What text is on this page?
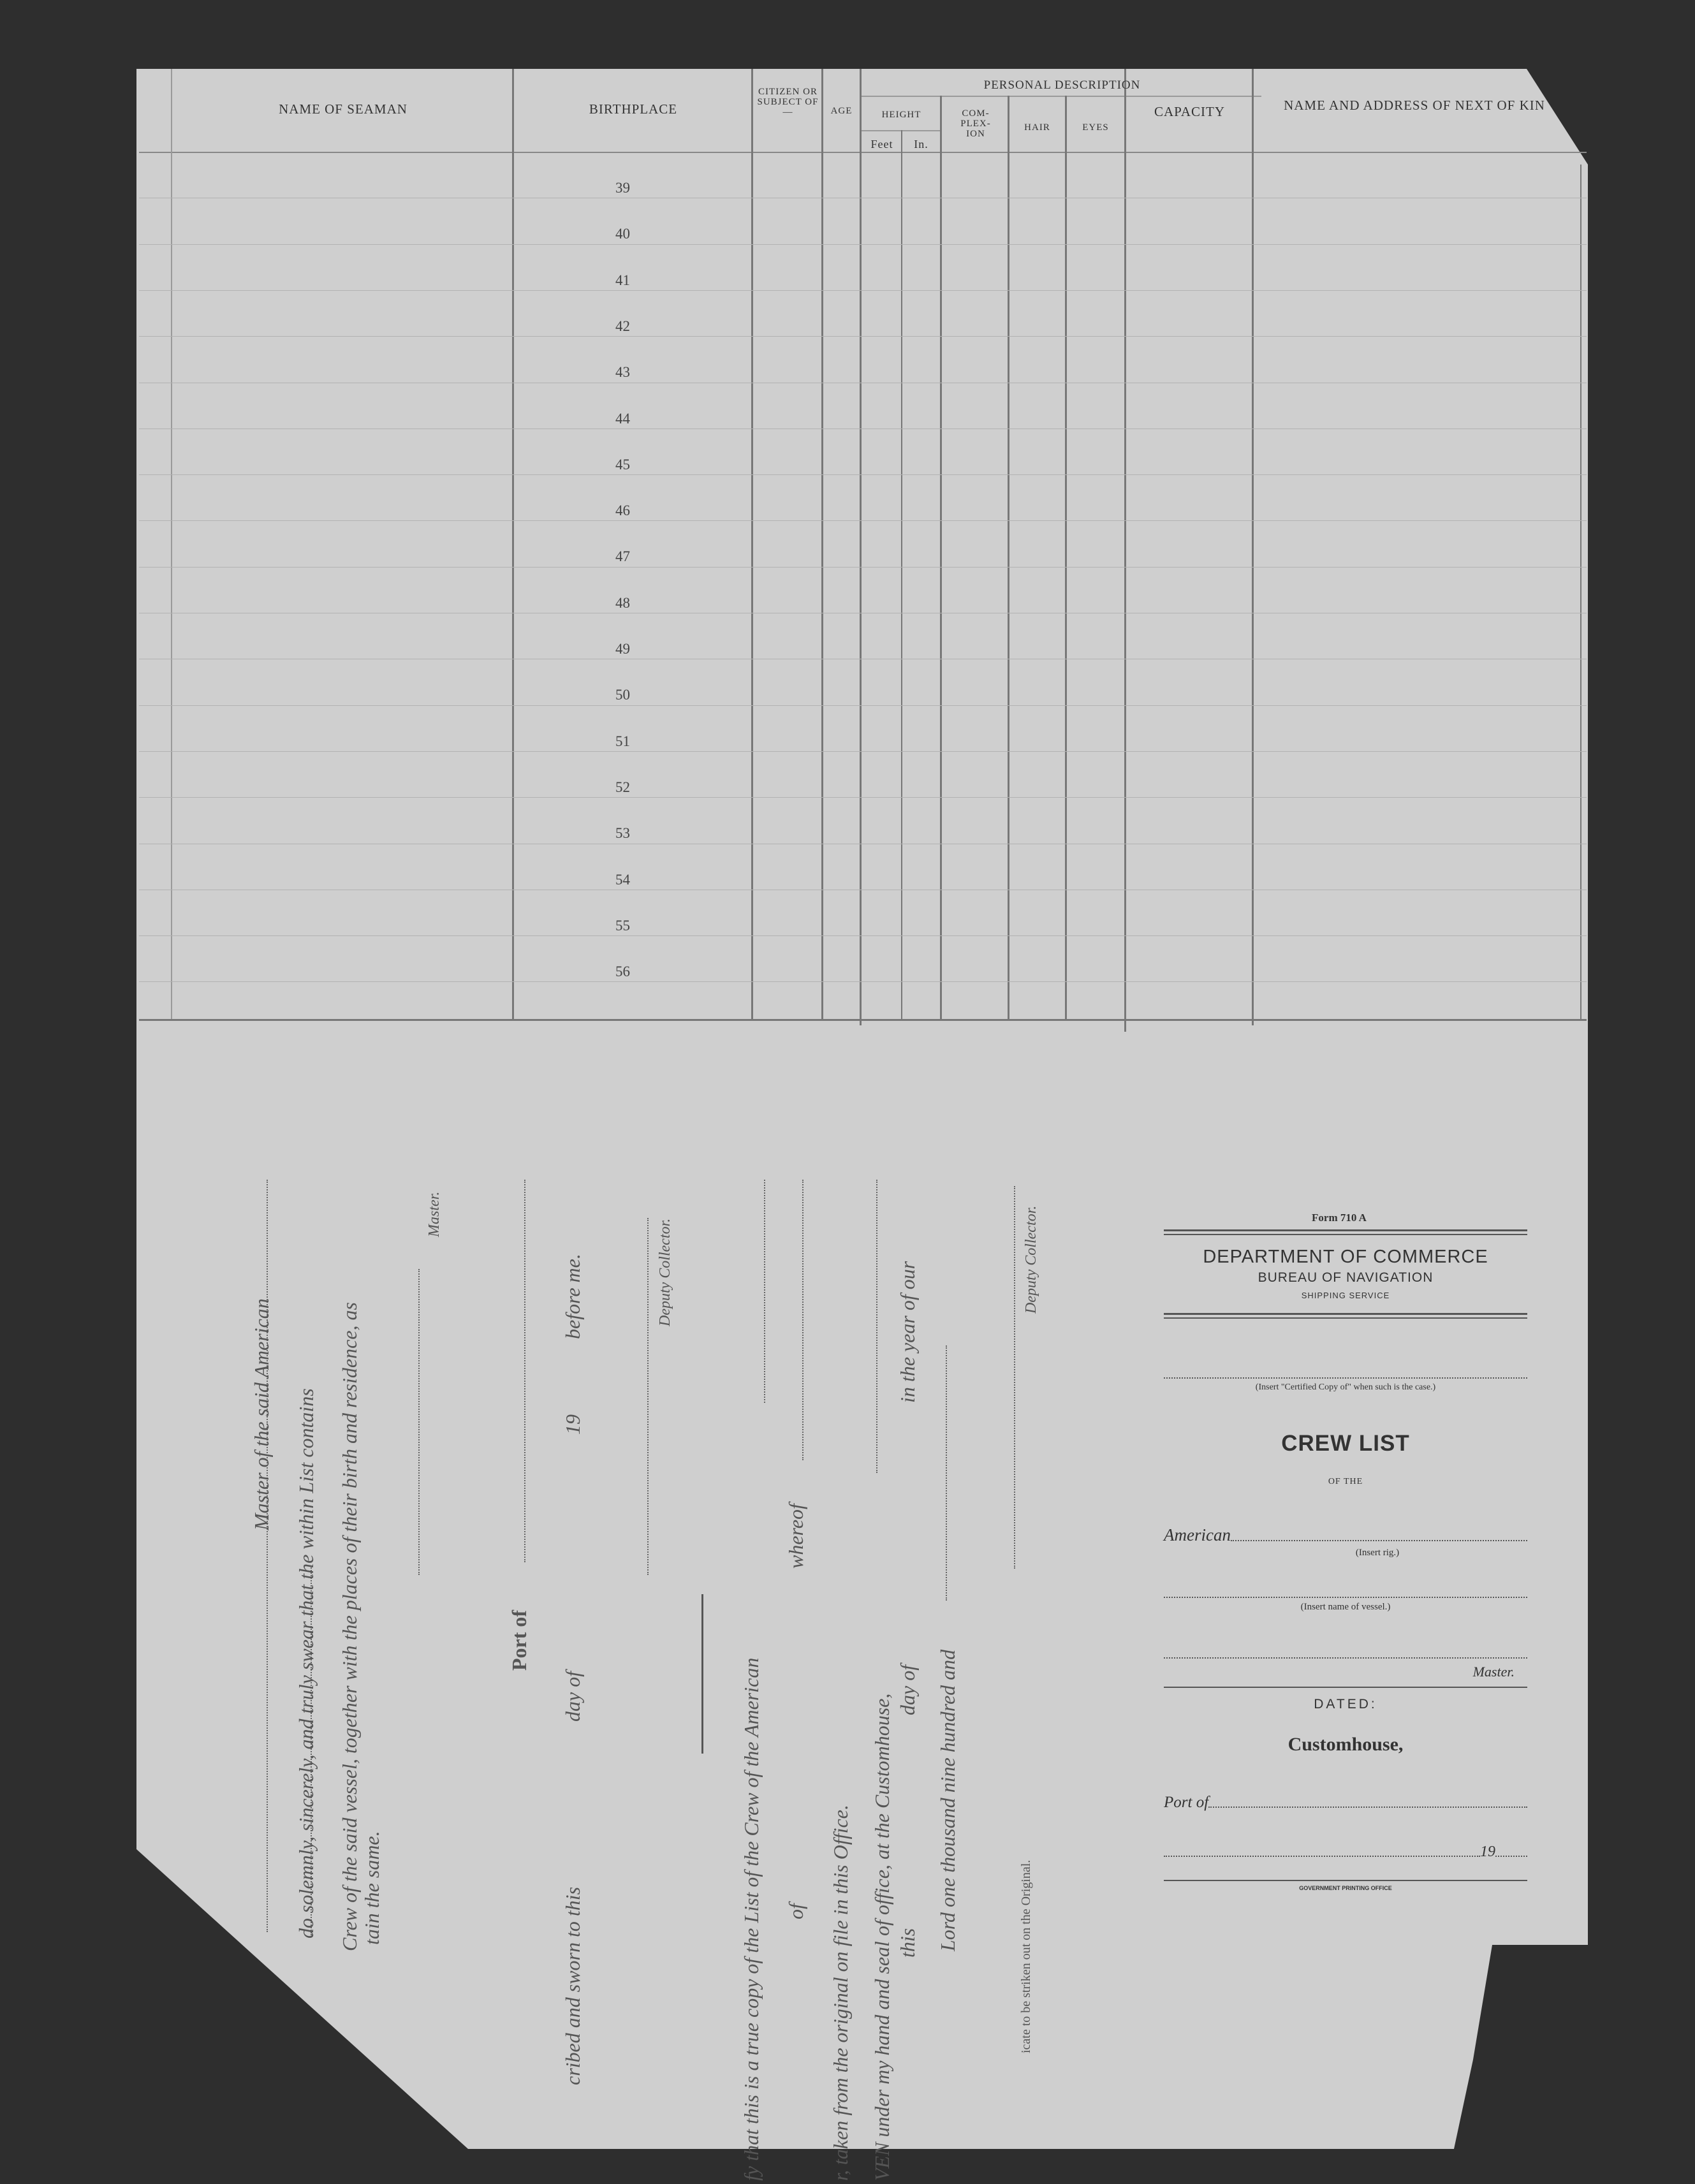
NAME OF SEAMAN	BIRTHPLACE
CITIZEN OR SUBJECT OF—	AGE
PERSONAL DESCRIPTION
HEIGHT
Feet	In.
COM- PLEX- ION
HAIR	EYES
CAPACITY	NAME AND ADDRESS OF NEXT OF KIN
39
40
41
42
43
44
45
46
47
48
49
50
51
52
53
54
55
56
Master of the said American do solemnly, sincerely, and truly swear that the within List contains Crew of the said vessel, together with the places of their birth and residence, as tain the same.
Master.
Port of
cribed and sworn to this
day of
19
before me.	Deputy Collector.
fy that this is a true copy of the List of the Crew of the American of
whereof
r, taken from the original on file in this Office. VEN under my hand and seal of office, at the Customhouse, this
day of
in the year of our
Lord one thousand nine hundred and
Deputy Collector.
icate to be striken out on the Original.
Form 710 A
DEPARTMENT OF COMMERCE
BUREAU OF NAVIGATION
SHIPPING SERVICE
(Insert "Certified Copy of" when such is the case.)
CREW LIST
OF THE
American
(Insert rig.)
(Insert name of vessel.)
Master.
DATED:
Customhouse,
Port of
19
GOVERNMENT PRINTING OFFICE
